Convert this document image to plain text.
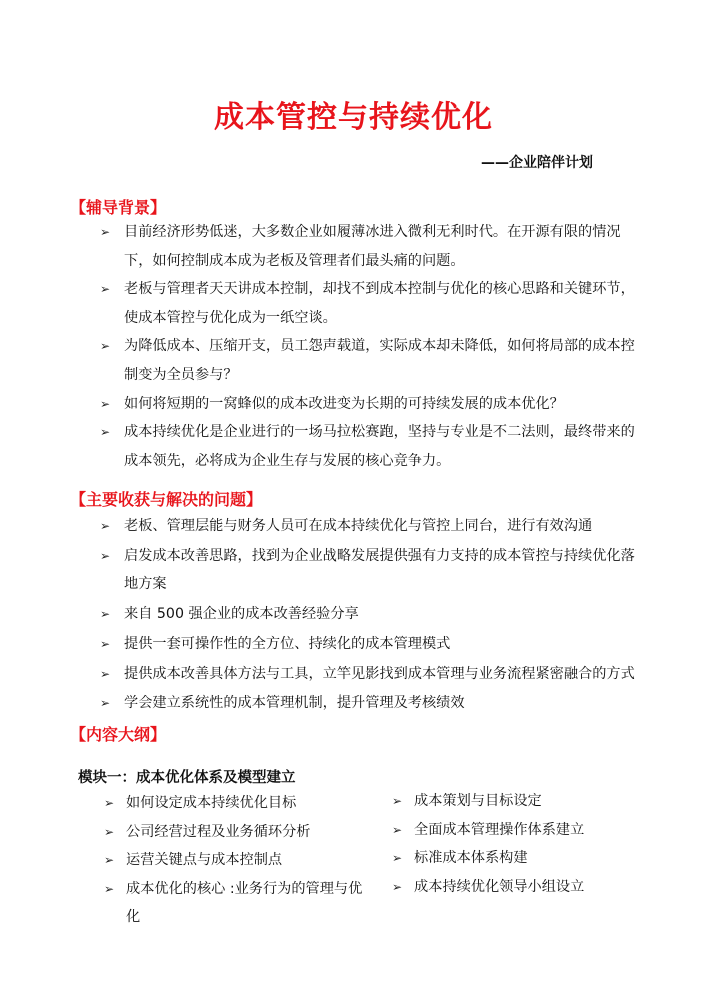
成本管控与持续优化
——企业陪伴计划
【辅导背景】
➢ 目前经济形势低迷，大多数企业如履薄冰进入微利无利时代。在开源有限的情况下，如何控制成本成为老板及管理者们最头痛的问题。
➢ 老板与管理者天天讲成本控制，却找不到成本控制与优化的核心思路和关键环节，使成本管控与优化成为一纸空谈。
➢ 为降低成本、压缩开支，员工怨声载道，实际成本却未降低，如何将局部的成本控制变为全员参与？
➢ 如何将短期的一窝蜂似的成本改进变为长期的可持续发展的成本优化？
➢ 成本持续优化是企业进行的一场马拉松赛跑，坚持与专业是不二法则，最终带来的成本领先，必将成为企业生存与发展的核心竞争力。
【主要收获与解决的问题】
➢ 老板、管理层能与财务人员可在成本持续优化与管控上同台，进行有效沟通
➢ 启发成本改善思路，找到为企业战略发展提供强有力支持的成本管控与持续优化落地方案
➢ 来自 500 强企业的成本改善经验分享
➢ 提供一套可操作性的全方位、持续化的成本管理模式
➢ 提供成本改善具体方法与工具，立竿见影找到成本管理与业务流程紧密融合的方式
➢ 学会建立系统性的成本管理机制，提升管理及考核绩效
【内容大纲】
模块一：成本优化体系及模型建立
➢ 如何设定成本持续优化目标
➢ 公司经营过程及业务循环分析
➢ 运营关键点与成本控制点
➢ 成本优化的核心 :业务行为的管理与优化
➢ 成本策划与目标设定
➢ 全面成本管理操作体系建立
➢ 标准成本体系构建
➢ 成本持续优化领导小组设立
